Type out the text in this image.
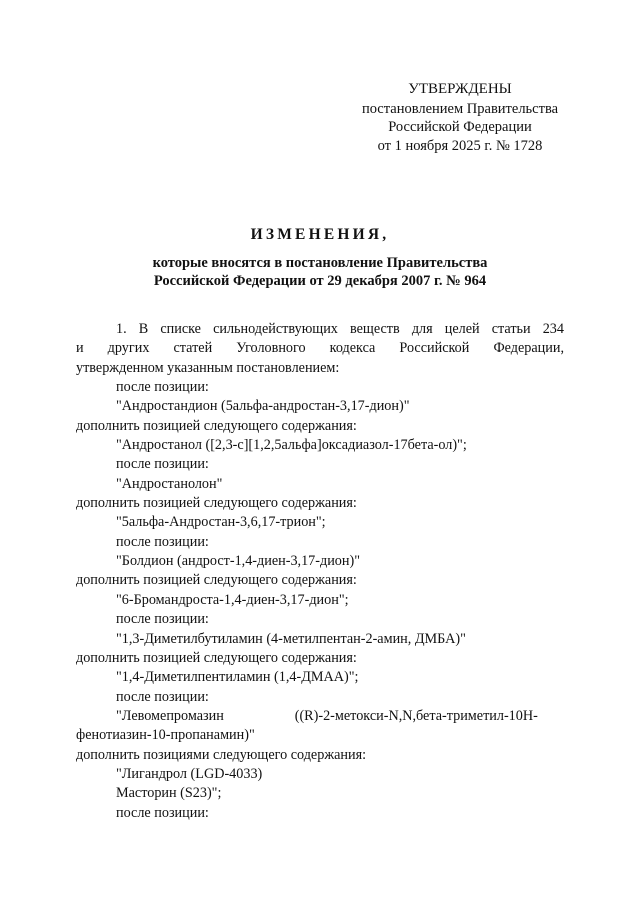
УТВЕРЖДЕНЫ
постановлением Правительства
Российской Федерации
от 1 ноября 2025 г. № 1728
ИЗМЕНЕНИЯ,
которые вносятся в постановление Правительства
Российской Федерации от 29 декабря 2007 г. № 964

1. В списке сильнодействующих веществ для целей статьи 234

и других статей Уголовного кодекса Российской Федерации,

утвержденном указанным постановлением:

после позиции:

"Андростандион (5альфа-андростан-3,17-дион)"

дополнить позицией следующего содержания:

"Андростанол ([2,3-c][1,2,5альфа]оксадиазол-17бета-ол)";

после позиции:

"Андростанолон"

дополнить позицией следующего содержания:

"5альфа-Андростан-3,6,17-трион";

после позиции:

"Болдион (андрост-1,4-диен-3,17-дион)"

дополнить позицией следующего содержания:

"6-Бромандроста-1,4-диен-3,17-дион";

после позиции:

"1,3-Диметилбутиламин (4-метилпентан-2-амин, ДМБА)"

дополнить позицией следующего содержания:

"1,4-Диметилпентиламин (1,4-ДМАА)";

после позиции:

"Левомепромазин                    ((R)-2-метокси-N,N,бета-триметил-10Н-

фенотиазин-10-пропанамин)"

дополнить позициями следующего содержания:

"Лигандрол (LGD-4033)

Масторин (S23)";

после позиции:
